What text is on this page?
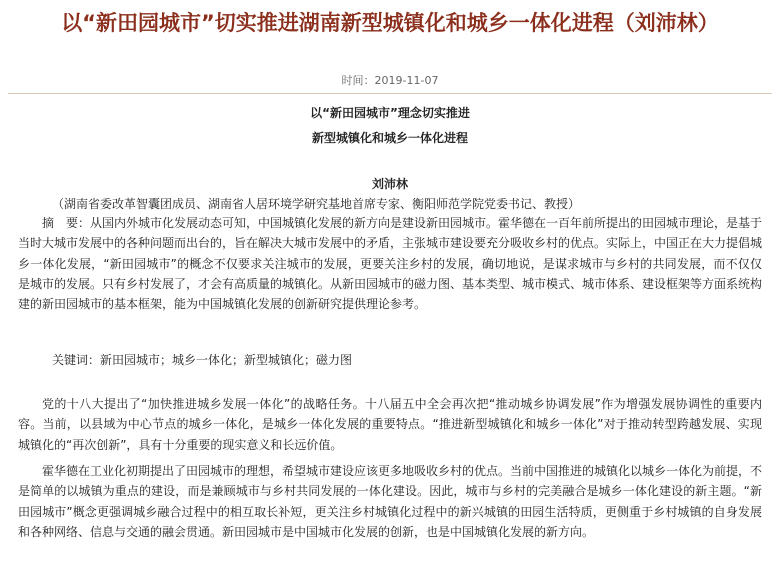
以“新田园城市”切实推进湖南新型城镇化和城乡一体化进程（刘沛林）
时间：2019-11-07
以“新田园城市”理念切实推进
新型城镇化和城乡一体化进程
刘沛林
（湖南省委改革智囊团成员、湖南省人居环境学研究基地首席专家、衡阳师范学院党委书记、教授）

摘　要：从国内外城市化发展动态可知，中国城镇化发展的新方向是建设新田园城市。霍华德在一百年前所提出的田园城市理论，是基于当时大城市发展中的各种问题而出台的，旨在解决大城市发展中的矛盾，主张城市建设要充分吸收乡村的优点。实际上，中国正在大力提倡城乡一体化发展，“新田园城市”的概念不仅要求关注城市的发展，更要关注乡村的发展，确切地说，是谋求城市与乡村的共同发展，而不仅仅是城市的发展。只有乡村发展了，才会有高质量的城镇化。从新田园城市的磁力图、基本类型、城市模式、城市体系、建设框架等方面系统构建的新田园城市的基本框架，能为中国城镇化发展的创新研究提供理论参考。

关键词：新田园城市；城乡一体化；新型城镇化；磁力图

党的十八大提出了“加快推进城乡发展一体化”的战略任务。十八届五中全会再次把“推动城乡协调发展”作为增强发展协调性的重要内容。当前，以县域为中心节点的城乡一体化，是城乡一体化发展的重要特点。“推进新型城镇化和城乡一体化”对于推动转型跨越发展、实现城镇化的“再次创新”，具有十分重要的现实意义和长远价值。

霍华德在工业化初期提出了田园城市的理想，希望城市建设应该更多地吸收乡村的优点。当前中国推进的城镇化以城乡一体化为前提，不是简单的以城镇为重点的建设，而是兼顾城市与乡村共同发展的一体化建设。因此，城市与乡村的完美融合是城乡一体化建设的新主题。“新田园城市”概念更强调城乡融合过程中的相互取长补短，更关注乡村城镇化过程中的新兴城镇的田园生活特质，更侧重于乡村城镇的自身发展和各种网络、信息与交通的融会贯通。新田园城市是中国城市化发展的创新，也是中国城镇化发展的新方向。
